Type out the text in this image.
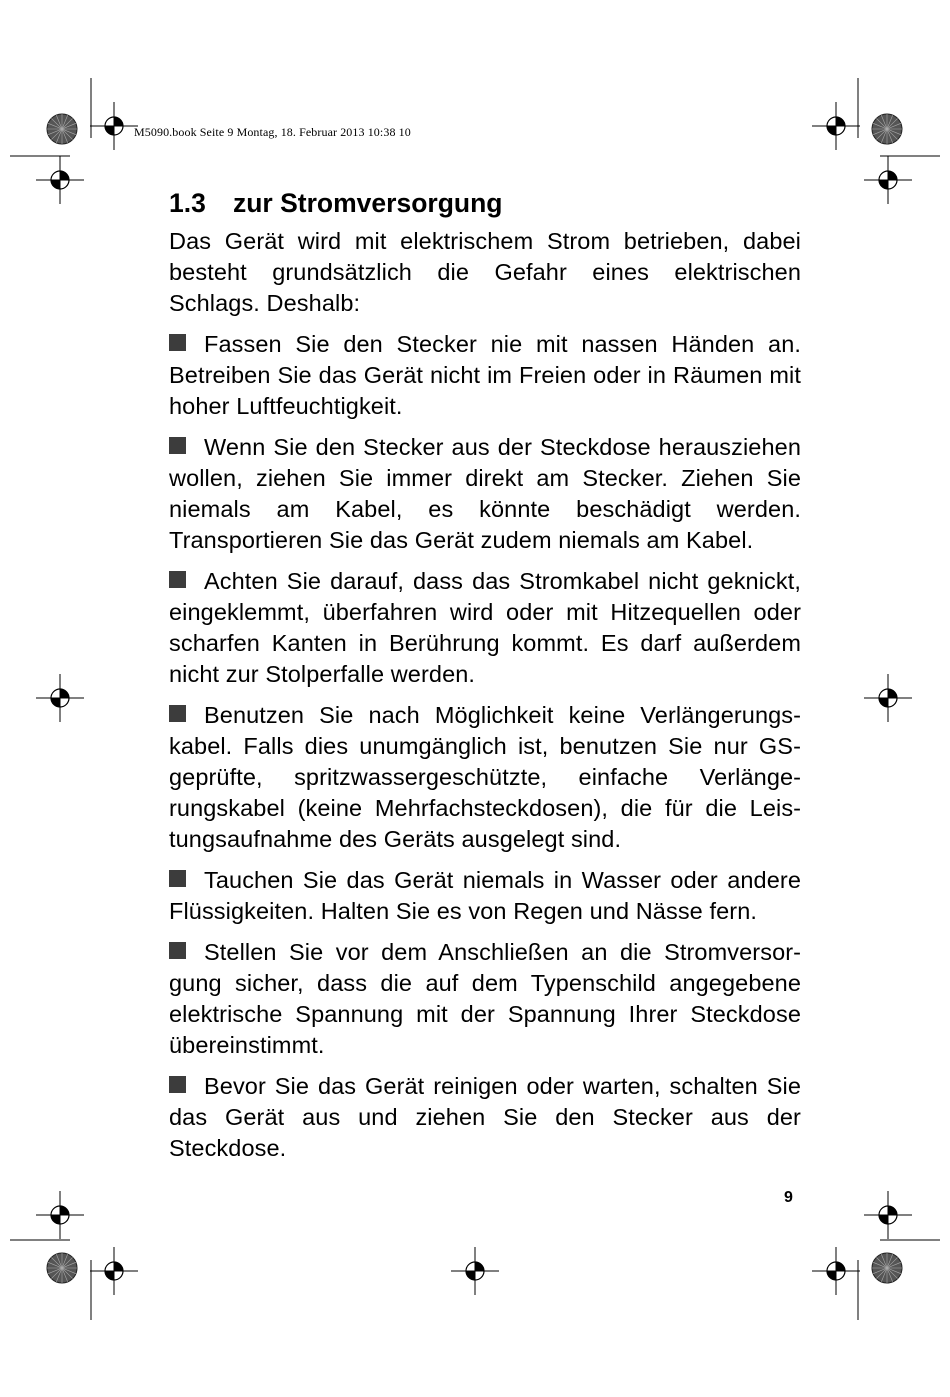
M5090.book Seite 9 Montag, 18. Februar 2013 10:38 10
1.3 zur Stromversorgung

Das Gerät wird mit elektrischem Strom betrieben, dabei besteht grundsätzlich die Gefahr eines elektrischen Schlags. Deshalb:

Fassen Sie den Stecker nie mit nassen Händen an. Betreiben Sie das Gerät nicht im Freien oder in Räumen mit hoher Luftfeuchtigkeit.

Wenn Sie den Stecker aus der Steckdose herausziehen wollen, ziehen Sie immer direkt am Stecker. Ziehen Sie niemals am Kabel, es könnte beschädigt werden. Transportieren Sie das Gerät zudem niemals am Kabel.

Achten Sie darauf, dass das Stromkabel nicht geknickt, eingeklemmt, überfahren wird oder mit Hitzequellen oder scharfen Kanten in Berührung kommt. Es darf außerdem nicht zur Stolperfalle werden.

Benutzen Sie nach Möglichkeit keine Verlängerungskabel. Falls dies unumgänglich ist, benutzen Sie nur GS-geprüfte, spritzwassergeschützte, einfache Verlängerungskabel (keine Mehrfachsteckdosen), die für die Leistungsaufnahme des Geräts ausgelegt sind.

Tauchen Sie das Gerät niemals in Wasser oder andere Flüssigkeiten. Halten Sie es von Regen und Nässe fern.

Stellen Sie vor dem Anschließen an die Stromversorgung sicher, dass die auf dem Typenschild angegebene elektrische Spannung mit der Spannung Ihrer Steckdose übereinstimmt.

Bevor Sie das Gerät reinigen oder warten, schalten Sie das Gerät aus und ziehen Sie den Stecker aus der Steckdose.

9
